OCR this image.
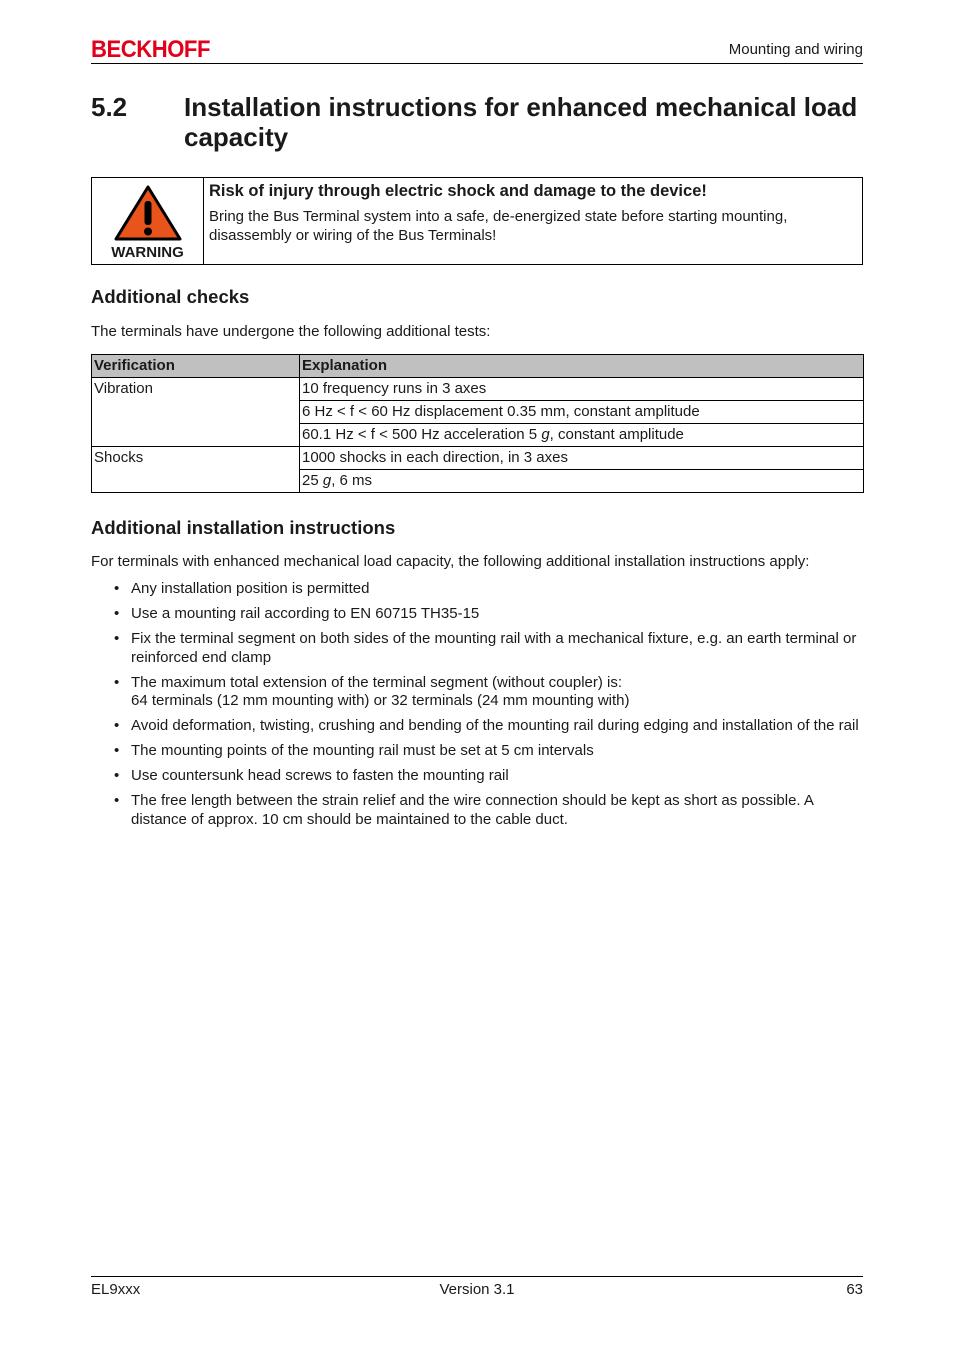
BECKHOFF	Mounting and wiring
5.2	Installation instructions for enhanced mechanical load capacity
WARNING
Risk of injury through electric shock and damage to the device!
Bring the Bus Terminal system into a safe, de-energized state before starting mounting, disassembly or wiring of the Bus Terminals!
Additional checks
The terminals have undergone the following additional tests:
Verification	Explanation
Vibration	10 frequency runs in 3 axes
	6 Hz < f < 60 Hz displacement 0.35 mm, constant amplitude
	60.1 Hz < f < 500 Hz acceleration 5 g, constant amplitude
Shocks	1000 shocks in each direction, in 3 axes
	25 g, 6 ms
Additional installation instructions
For terminals with enhanced mechanical load capacity, the following additional installation instructions apply:
• Any installation position is permitted
• Use a mounting rail according to EN 60715 TH35-15
• Fix the terminal segment on both sides of the mounting rail with a mechanical fixture, e.g. an earth terminal or reinforced end clamp
• The maximum total extension of the terminal segment (without coupler) is:
64 terminals (12 mm mounting with) or 32 terminals (24 mm mounting with)
• Avoid deformation, twisting, crushing and bending of the mounting rail during edging and installation of the rail
• The mounting points of the mounting rail must be set at 5 cm intervals
• Use countersunk head screws to fasten the mounting rail
• The free length between the strain relief and the wire connection should be kept as short as possible. A distance of approx. 10 cm should be maintained to the cable duct.
EL9xxx	Version 3.1	63
